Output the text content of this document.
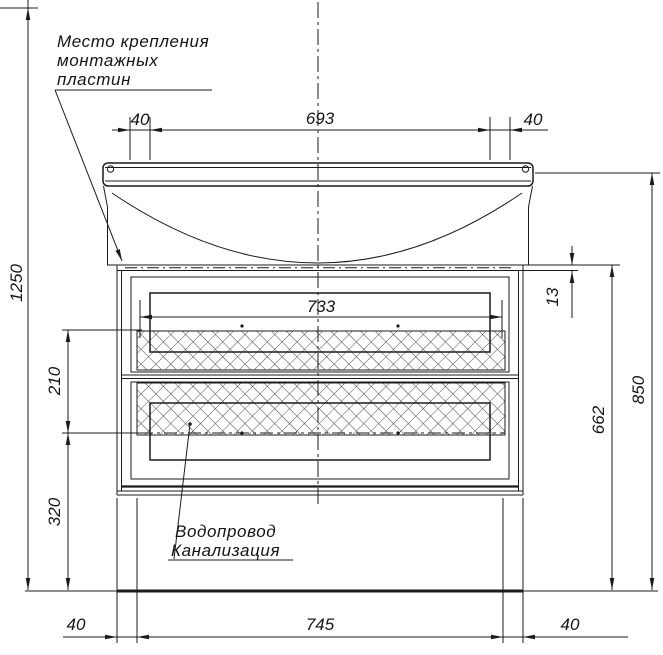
40	693	40
733
1250
210
320
13
662
850
40	745	40
Место крепления
монтажных
пластин
Водопровод
Канализация
